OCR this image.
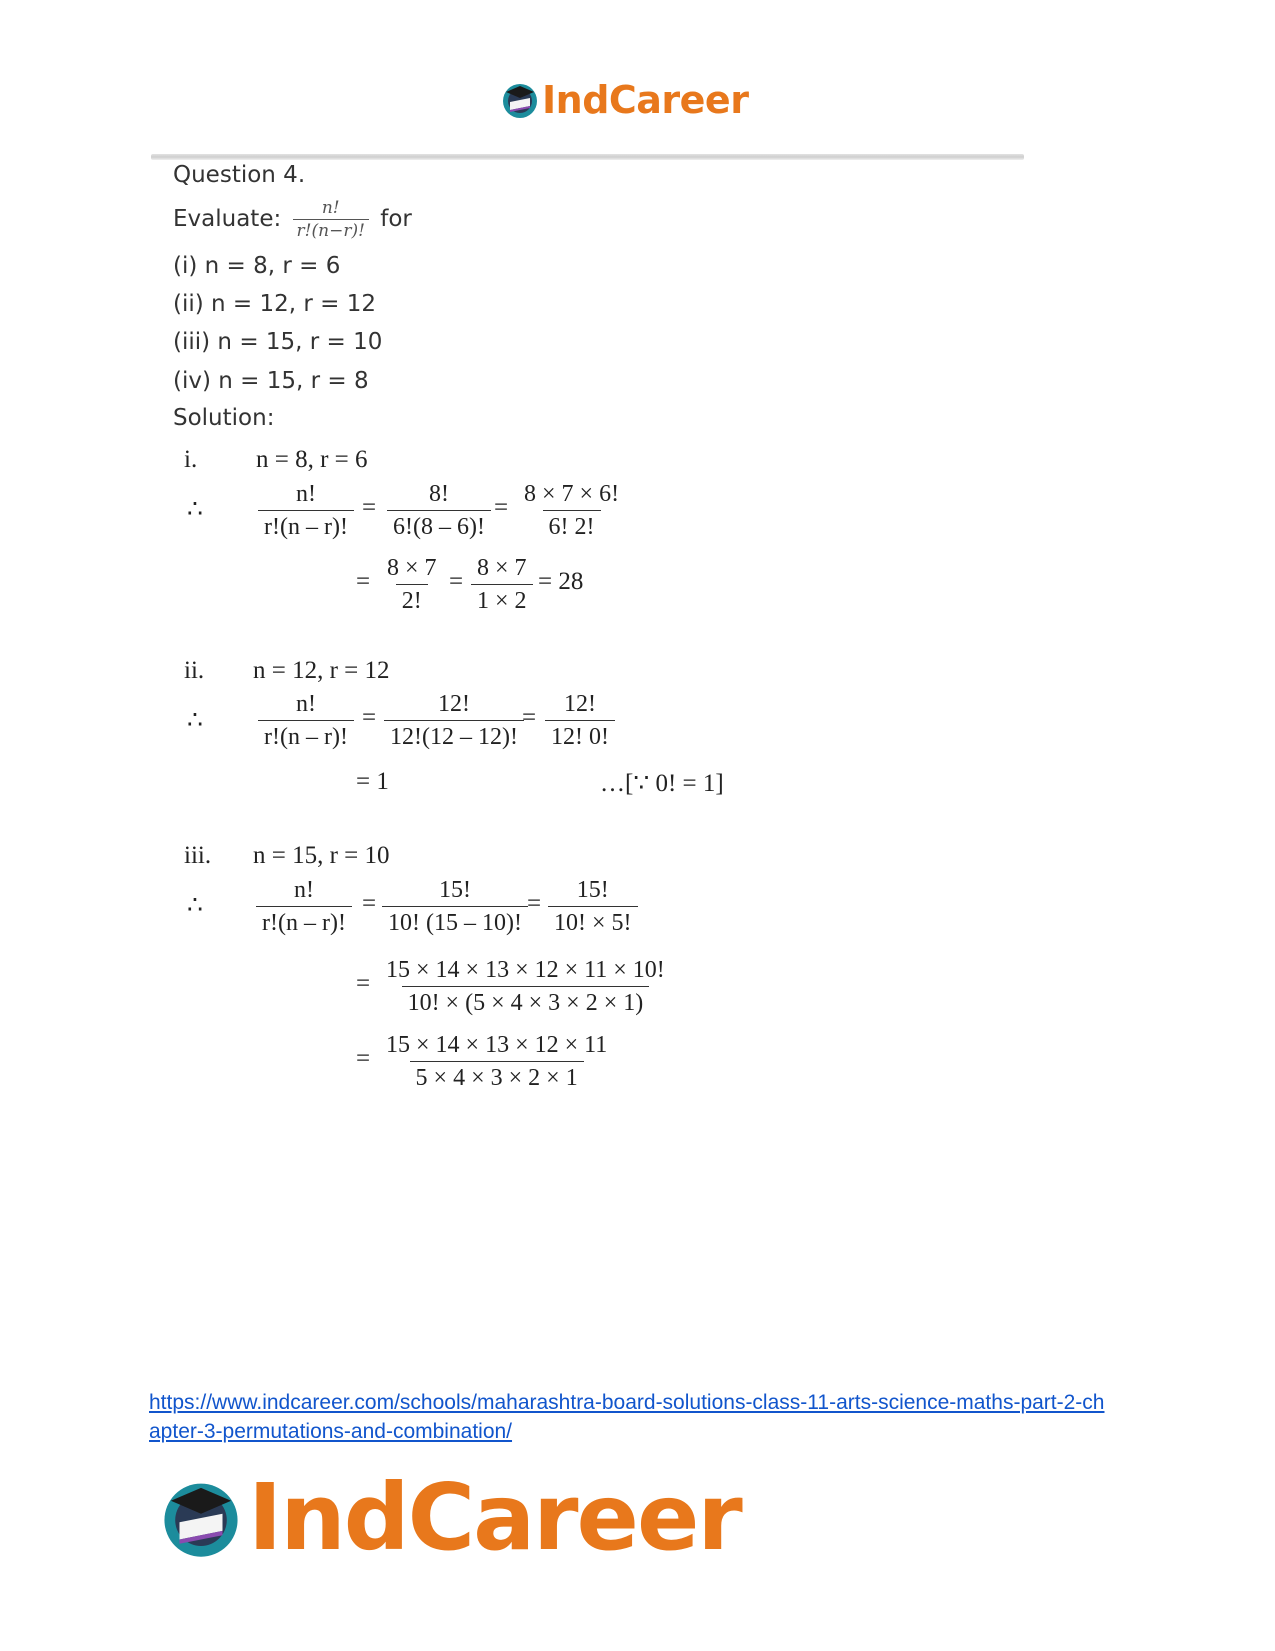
IndCareer
Question 4.
Evaluate: $\frac{n!}{r!(n-r)!}$ for
(i) n = 8, r = 6
(ii) n = 12, r = 12
(iii) n = 15, r = 10
(iv) n = 15, r = 8
Solution:
i. n = 8, r = 6
∴ $\frac{n!}{r!(n - r)!} = \frac{8!}{6!(8 - 6)!} = \frac{8 \times 7 \times 6!}{6! 2!}$
= $\frac{8 \times 7}{2!} = \frac{8 \times 7}{1 \times 2} = 28$
ii. n = 12, r = 12
∴ $\frac{n!}{r!(n - r)!} = \frac{12!}{12!(12 - 12)!}$
= $\frac{12!}{12! 0!}$
= 1	…[∵ 0! = 1]
iii. n = 15, r = 10
∴ $\frac{n!}{r!(n - r)!} = \frac{15!}{10! (15 - 10)!} = \frac{15!}{10! \times 5!}$
= $\frac{15 \times 14 \times 13 \times 12 \times 11 \times 10!}{10! \times (5 \times 4 \times 3 \times 2 \times 1)}$
= $\frac{15 \times 14 \times 13 \times 12 \times 11}{5 \times 4 \times 3 \times 2 \times 1}$
https://www.indcareer.com/schools/maharashtra-board-solutions-class-11-arts-science-maths-part-2-chapter-3-permutations-and-combination/
IndCareer
